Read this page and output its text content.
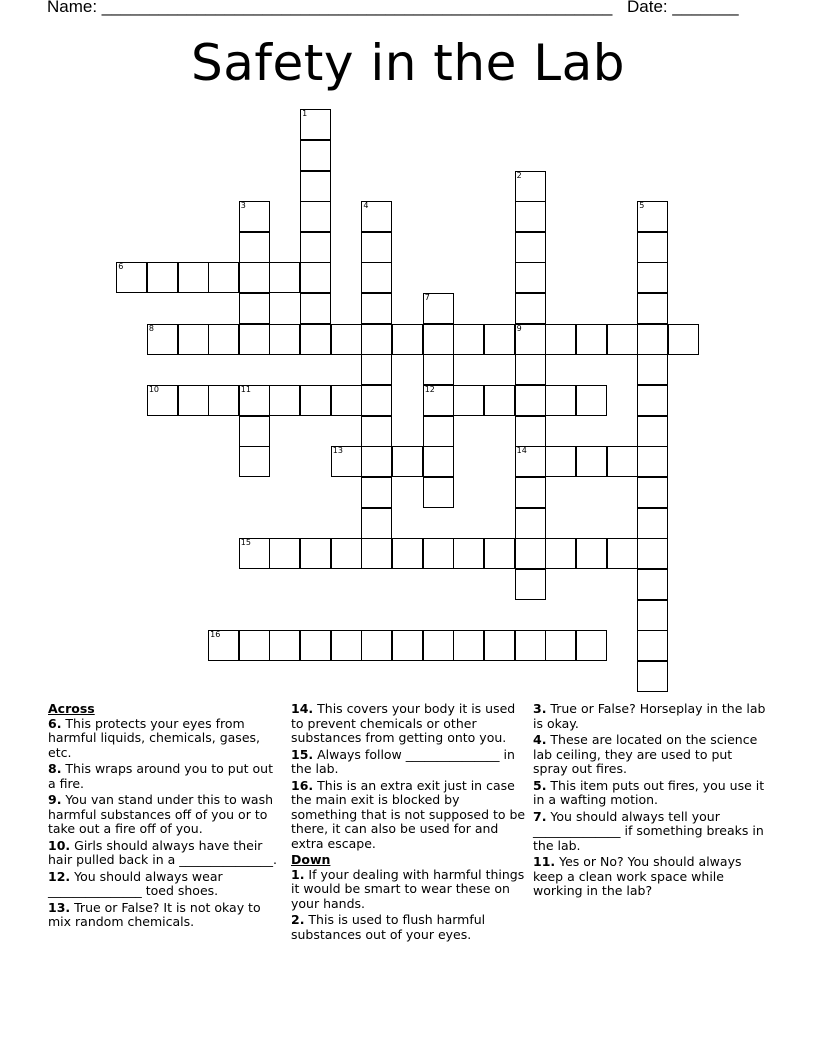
Name: ______________________________________________________ Date: _______
Safety in the Lab
1
2
9
14
3	4	5
6
7
12
8
10	11
13
15
16
Across
6. This protects your eyes from harmful liquids, chemicals, gases, etc.
8. This wraps around you to put out a fire.
9. You van stand under this to wash harmful substances off of you or to take out a fire off of you.
10. Girls should always have their hair pulled back in a _______________.
12. You should always wear _______________ toed shoes.
13. True or False? It is not okay to mix random chemicals.
14. This covers your body it is used to prevent chemicals or other substances from getting onto you.
15. Always follow _______________ in the lab.
16. This is an extra exit just in case the main exit is blocked by something that is not supposed to be there, it can also be used for and extra escape.
Down
1. If your dealing with harmful things it would be smart to wear these on your hands.
2. This is used to flush harmful substances out of your eyes.
3. True or False? Horseplay in the lab is okay.
4. These are located on the science lab ceiling, they are used to put spray out fires.
5. This item puts out fires, you use it in a wafting motion.
7. You should always tell your ______________ if something breaks in the lab.
11. Yes or No? You should always keep a clean work space while working in the lab?
